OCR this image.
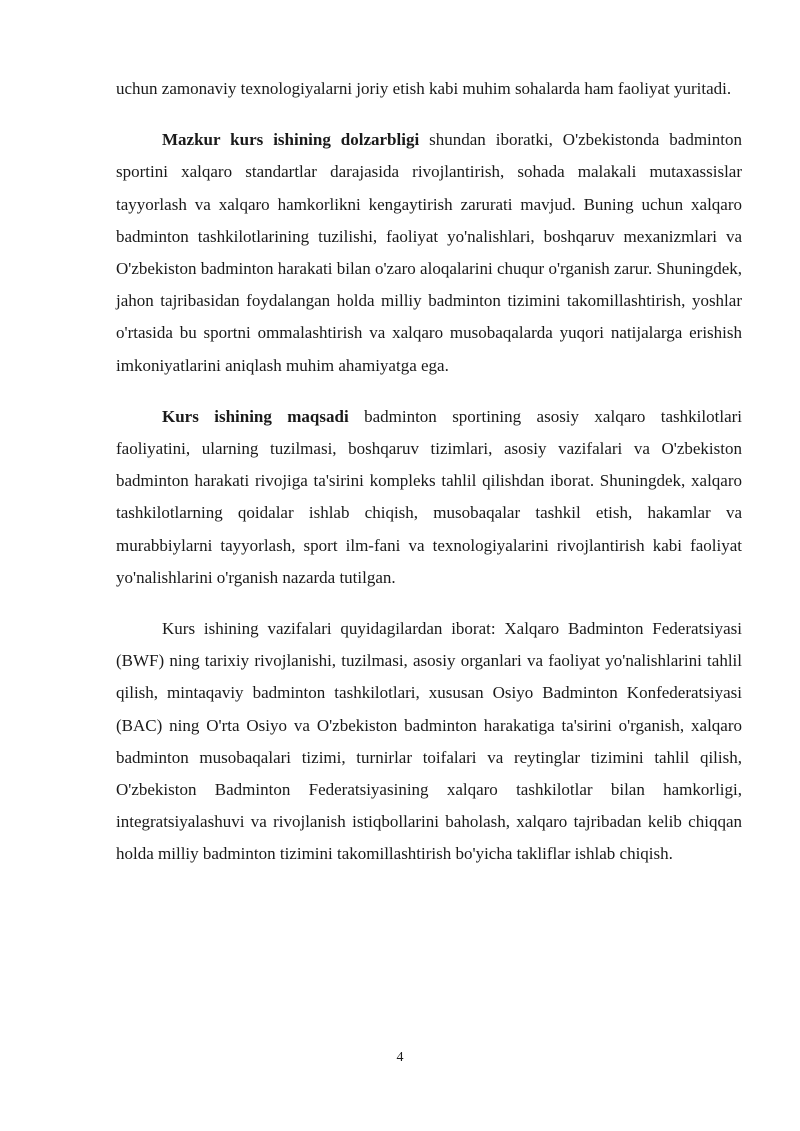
uchun zamonaviy texnologiyalarni joriy etish kabi muhim sohalarda ham faoliyat yuritadi.

Mazkur kurs ishining dolzarbligi shundan iboratki, O'zbekistonda badminton sportini xalqaro standartlar darajasida rivojlantirish, sohada malakali mutaxassislar tayyorlash va xalqaro hamkorlikni kengaytirish zarurati mavjud. Buning uchun xalqaro badminton tashkilotlarining tuzilishi, faoliyat yo'nalishlari, boshqaruv mexanizmlari va O'zbekiston badminton harakati bilan o'zaro aloqalarini chuqur o'rganish zarur. Shuningdek, jahon tajribasidan foydalangan holda milliy badminton tizimini takomillashtirish, yoshlar o'rtasida bu sportni ommalashtirish va xalqaro musobaqalarda yuqori natijalarga erishish imkoniyatlarini aniqlash muhim ahamiyatga ega.

Kurs ishining maqsadi badminton sportining asosiy xalqaro tashkilotlari faoliyatini, ularning tuzilmasi, boshqaruv tizimlari, asosiy vazifalari va O'zbekiston badminton harakati rivojiga ta'sirini kompleks tahlil qilishdan iborat. Shuningdek, xalqaro tashkilotlarning qoidalar ishlab chiqish, musobaqalar tashkil etish, hakamlar va murabbiylarni tayyorlash, sport ilm-fani va texnologiyalarini rivojlantirish kabi faoliyat yo'nalishlarini o'rganish nazarda tutilgan.

Kurs ishining vazifalari quyidagilardan iborat: Xalqaro Badminton Federatsiyasi (BWF) ning tarixiy rivojlanishi, tuzilmasi, asosiy organlari va faoliyat yo'nalishlarini tahlil qilish, mintaqaviy badminton tashkilotlari, xususan Osiyo Badminton Konfederatsiyasi (BAC) ning O'rta Osiyo va O'zbekiston badminton harakatiga ta'sirini o'rganish, xalqaro badminton musobaqalari tizimi, turnirlar toifalari va reytinglar tizimini tahlil qilish, O'zbekiston Badminton Federatsiyasining xalqaro tashkilotlar bilan hamkorligi, integratsiyalashuvi va rivojlanish istiqbollarini baholash, xalqaro tajribadan kelib chiqqan holda milliy badminton tizimini takomillashtirish bo'yicha takliflar ishlab chiqish.

4
